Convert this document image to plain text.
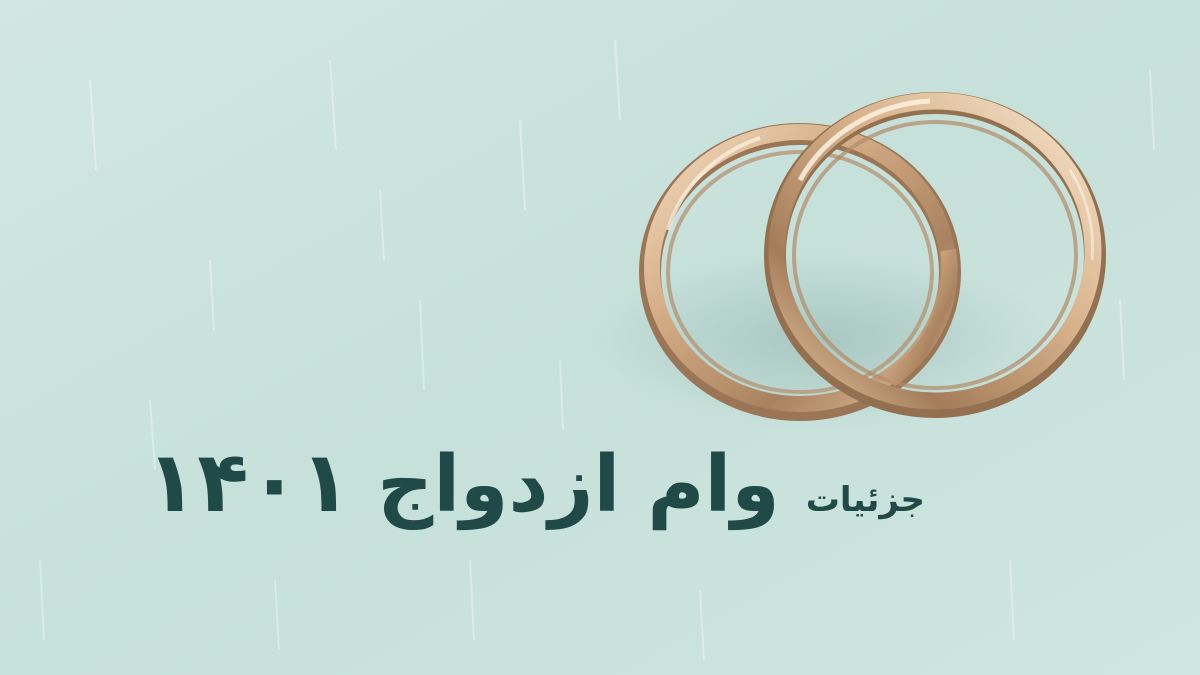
جزئیات
وام ازدواج
۱۴۰۱
